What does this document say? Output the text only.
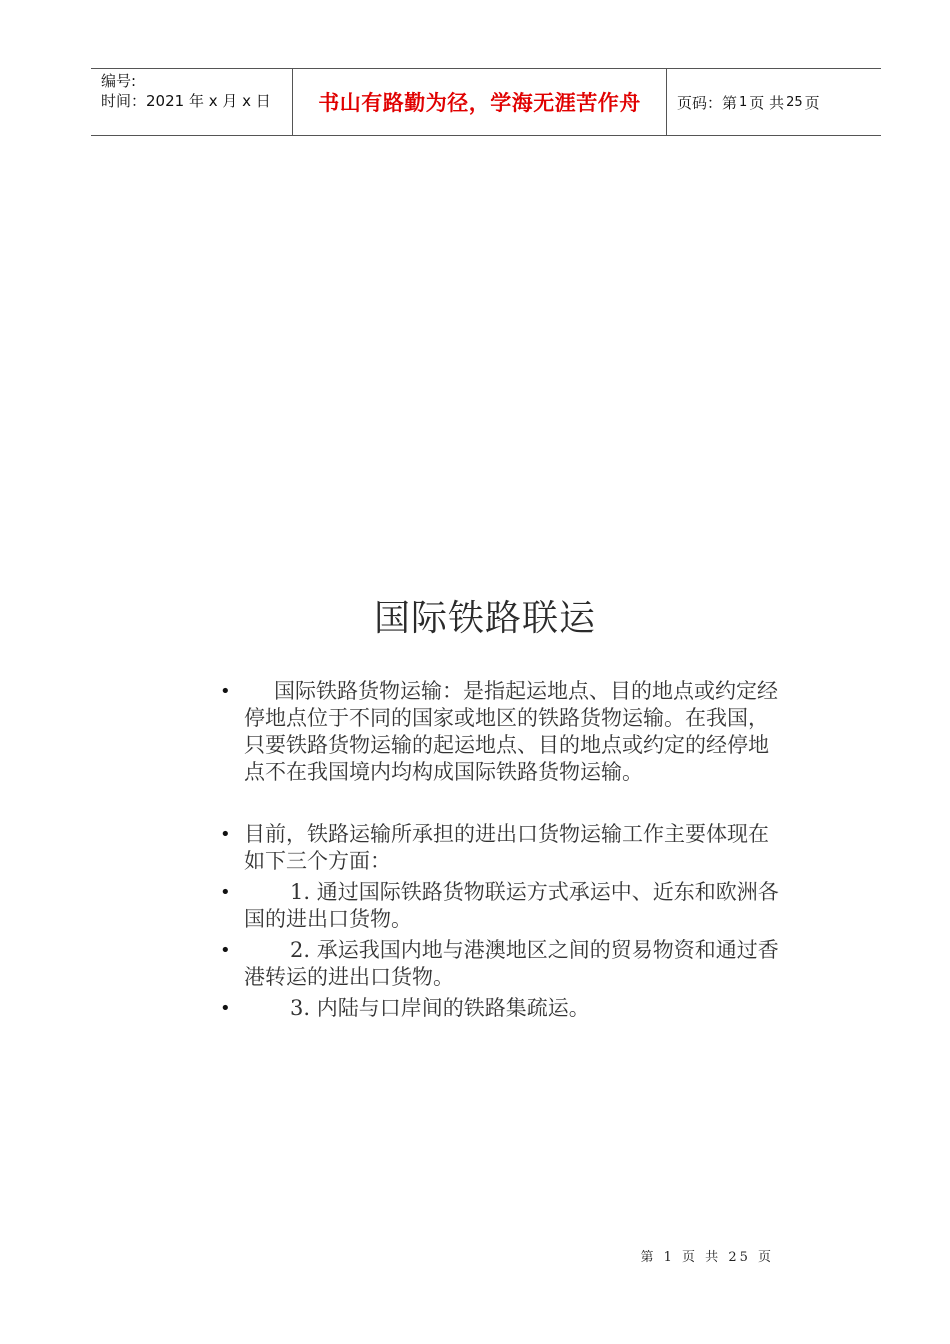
编号:
时间：2021 年 x 月 x 日	书山有路勤为径，学海无涯苦作舟	页码：第 1 页 共 25 页
国际铁路联运
•	国际铁路货物运输：是指起运地点、目的地点或约定经停地点位于不同的国家或地区的铁路货物运输。在我国，只要铁路货物运输的起运地点、目的地点或约定的经停地点不在我国境内均构成国际铁路货物运输。
• 目前，铁路运输所承担的进出口货物运输工作主要体现在如下三个方面：
•	1. 通过国际铁路货物联运方式承运中、近东和欧洲各国的进出口货物。
•	2. 承运我国内地与港澳地区之间的贸易物资和通过香港转运的进出口货物。
•	3. 内陆与口岸间的铁路集疏运。
第 1 页 共 25 页
